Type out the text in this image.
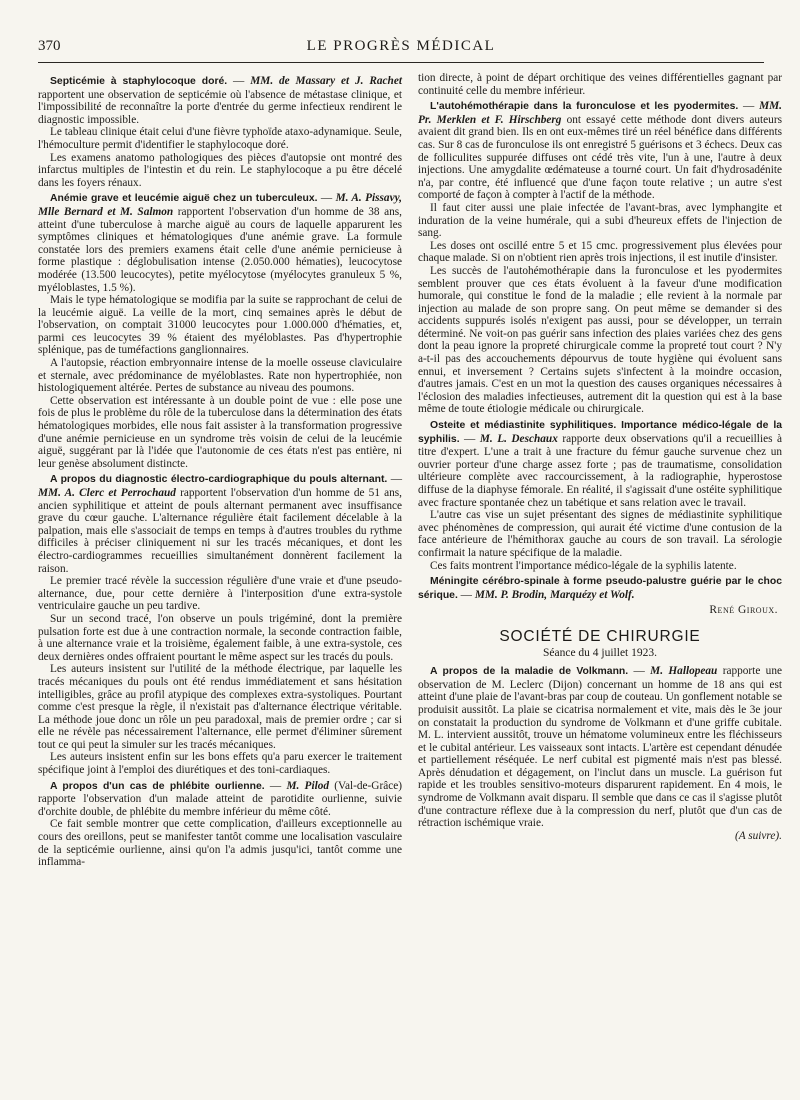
370	LE PROGRÈS MÉDICAL

Septicémie à staphylocoque doré. — MM. de Massary et J. Rachet rapportent une observation de septicémie où l'absence de métastase clinique, et l'impossibilité de reconnaître la porte d'entrée du germe infectieux rendirent le diagnostic impossible.

Le tableau clinique était celui d'une fièvre typhoïde ataxo-adynamique. Seule, l'hémoculture permit d'identifier le staphylocoque doré.

Les examens anatomo pathologiques des pièces d'autopsie ont montré des infarctus multiples de l'intestin et du rein. Le staphylocoque a pu être décelé dans les foyers rénaux.

Anémie grave et leucémie aiguë chez un tuberculeux. — M. A. Pissavy, Mlle Bernard et M. Salmon rapportent l'observation d'un homme de 38 ans, atteint d'une tuberculose à marche aiguë au cours de laquelle apparurent les symptômes cliniques et hématologiques d'une anémie grave. La formule constatée lors des premiers examens était celle d'une anémie pernicieuse à forme plastique : déglobulisation intense (2.050.000 hématies), leucocytose modérée (13.500 leucocytes), petite myélocytose (myélocytes granuleux 5 %, myéloblastes, 1.5 %).

Mais le type hématologique se modifia par la suite se rapprochant de celui de la leucémie aiguë. La veille de la mort, cinq semaines après le début de l'observation, on comptait 31000 leucocytes pour 1.000.000 d'hématies, et, parmi ces leucocytes 39 % étaient des myéloblastes. Pas d'hypertrophie splénique, pas de tuméfactions ganglionnaires.

A l'autopsie, réaction embryonnaire intense de la moelle osseuse claviculaire et sternale, avec prédominance de myéloblastes. Rate non hypertrophiée, non histologiquement altérée. Pertes de substance au niveau des poumons.

Cette observation est intéressante à un double point de vue : elle pose une fois de plus le problème du rôle de la tuberculose dans la détermination des états hématologiques morbides, elle nous fait assister à la transformation progressive d'une anémie pernicieuse en un syndrome très voisin de celui de la leucémie aiguë, suggérant par là l'idée que l'autonomie de ces états n'est pas entière, ni leur genèse absolument distincte.

A propos du diagnostic électro-cardiographique du pouls alternant. — MM. A. Clerc et Perrochaud rapportent l'observation d'un homme de 51 ans, ancien syphilitique et atteint de pouls alternant permanent avec insuffisance grave du cœur gauche. L'alternance régulière était facilement décelable à la palpation, mais elle s'associait de temps en temps à d'autres troubles du rythme difficiles à préciser cliniquement ni sur les tracés mécaniques, et dont les électro-cardiogrammes recueillies simultanément donnèrent facilement la raison.

Le premier tracé révèle la succession régulière d'une vraie et d'une pseudo-alternance, due, pour cette dernière à l'interposition d'une extra-systole ventriculaire gauche un peu tardive.

Sur un second tracé, l'on observe un pouls trigéminé, dont la première pulsation forte est due à une contraction normale, la seconde contraction faible, à une alternance vraie et la troisième, également faible, à une extra-systole, ces deux dernières ondes offraient pourtant le même aspect sur les tracés du pouls.

Les auteurs insistent sur l'utilité de la méthode électrique, par laquelle les tracés mécaniques du pouls ont été rendus immédiatement et sans hésitation intelligibles, grâce au profil atypique des complexes extra-systoliques. Pourtant comme c'est presque la règle, il n'existait pas d'alternance électrique véritable. La méthode joue donc un rôle un peu paradoxal, mais de premier ordre ; car si elle ne révèle pas nécessairement l'alternance, elle permet d'éliminer sûrement tout ce qui peut la simuler sur les tracés mécaniques.

Les auteurs insistent enfin sur les bons effets qu'a paru exercer le traitement spécifique joint à l'emploi des diurétiques et des toni-cardiaques.

A propos d'un cas de phlébite ourlienne. — M. Pilod (Val-de-Grâce) rapporte l'observation d'un malade atteint de parotidite ourlienne, suivie d'orchite double, de phlébite du membre inférieur du même côté.

Ce fait semble montrer que cette complication, d'ailleurs exceptionnelle au cours des oreillons, peut se manifester tantôt comme une localisation vasculaire de la septicémie ourlienne, ainsi qu'on l'a admis jusqu'ici, tantôt comme une inflamma-

tion directe, à point de départ orchitique des veines différentielles gagnant par continuité celle du membre inférieur.

L'autohémothérapie dans la furonculose et les pyodermites. — MM. Pr. Merklen et F. Hirschberg ont essayé cette méthode dont divers auteurs avaient dit grand bien. Ils en ont eux-mêmes tiré un réel bénéfice dans différents cas. Sur 8 cas de furonculose ils ont enregistré 5 guérisons et 3 échecs. Deux cas de folliculites suppurée diffuses ont cédé très vite, l'un à une, l'autre à deux injections. Une amygdalite œdémateuse a tourné court. Un fait d'hydrosadénite n'a, par contre, été influencé que d'une façon toute relative ; un autre s'est comporté de façon à compter à l'actif de la méthode.

Il faut citer aussi une plaie infectée de l'avant-bras, avec lymphangite et induration de la veine humérale, qui a subi d'heureux effets de l'injection de sang.

Les doses ont oscillé entre 5 et 15 cmc. progressivement plus élevées pour chaque malade. Si on n'obtient rien après trois injections, il est inutile d'insister.

Les succès de l'autohémothérapie dans la furonculose et les pyodermites semblent prouver que ces états évoluent à la faveur d'une modification humorale, qui constitue le fond de la maladie ; elle revient à la normale par injection au malade de son propre sang. On peut même se demander si des accidents suppurés isolés n'exigent pas aussi, pour se développer, un terrain déterminé. Ne voit-on pas guérir sans infection des plaies variées chez des gens dont la peau ignore la propreté chirurgicale comme la propreté tout court ? N'y a-t-il pas des accouchements dépourvus de toute hygiène qui évoluent sans ennui, et inversement ? Certains sujets s'infectent à la moindre occasion, d'autres jamais. C'est en un mot la question des causes organiques nécessaires à l'éclosion des maladies infectieuses, autrement dit la question qui est à la base même de toute étiologie médicale ou chirurgicale.

Osteite et médiastinite syphilitiques. Importance médico-légale de la syphilis. — M. L. Deschaux rapporte deux observations qu'il a recueillies à titre d'expert. L'une a trait à une fracture du fémur gauche survenue chez un ouvrier porteur d'une charge assez forte ; pas de traumatisme, consolidation ultérieure complète avec raccourcissement, à la radiographie, hyperostose diffuse de la diaphyse fémorale. En réalité, il s'agissait d'une ostéite syphilitique avec fracture spontanée chez un tabétique et sans relation avec le travail.

L'autre cas vise un sujet présentant des signes de médiastinite syphilitique avec phénomènes de compression, qui aurait été victime d'une contusion de la face antérieure de l'hémithorax gauche au cours de son travail. La sérologie confirmait la nature spécifique de la maladie.

Ces faits montrent l'importance médico-légale de la syphilis latente.

Méningite cérébro-spinale à forme pseudo-palustre guérie par le choc sérique. — MM. P. Brodin, Marquézy et Wolf.

René Giroux.
SOCIÉTÉ DE CHIRURGIE
Séance du 4 juillet 1923.

A propos de la maladie de Volkmann. — M. Hallopeau rapporte une observation de M. Leclerc (Dijon) concernant un homme de 18 ans qui est atteint d'une plaie de l'avant-bras par coup de couteau. Un gonflement notable se produisit aussitôt. La plaie se cicatrisa normalement et vite, mais dès le 3e jour on constatait la production du syndrome de Volkmann et d'une griffe cubitale. M. L. intervient aussitôt, trouve un hématome volumineux entre les fléchisseurs et le cubital antérieur. Les vaisseaux sont intacts. L'artère est cependant dénudée et partiellement réséquée. Le nerf cubital est pigmenté mais n'est pas blessé. Après dénudation et dégagement, on l'inclut dans un muscle. La guérison fut rapide et les troubles sensitivo-moteurs disparurent rapidement. En 4 mois, le syndrome de Volkmann avait disparu. Il semble que dans ce cas il s'agisse plutôt d'une contracture réflexe due à la compression du nerf, plutôt que d'un cas de rétraction ischémique vraie.

(A suivre).
